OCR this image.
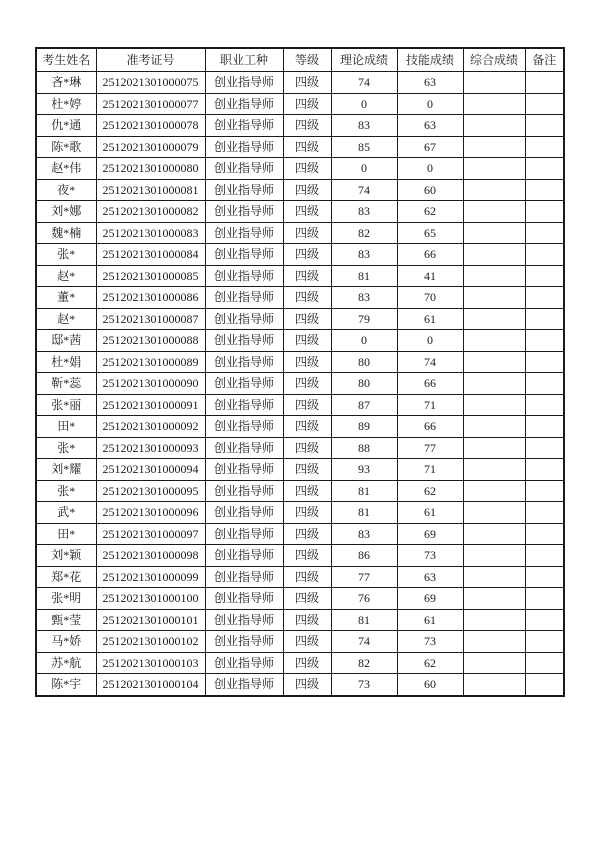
考生姓名	准考证号	职业工种	等级	理论成绩	技能成绩	综合成绩	备注
吝*琳	2512021301000075	创业指导师	四级	74	63		
杜*婷	2512021301000077	创业指导师	四级	0	0		
仇*通	2512021301000078	创业指导师	四级	83	63		
陈*歌	2512021301000079	创业指导师	四级	85	67		
赵*伟	2512021301000080	创业指导师	四级	0	0		
夜*	2512021301000081	创业指导师	四级	74	60		
刘*娜	2512021301000082	创业指导师	四级	83	62		
魏*楠	2512021301000083	创业指导师	四级	82	65		
张*	2512021301000084	创业指导师	四级	83	66		
赵*	2512021301000085	创业指导师	四级	81	41		
董*	2512021301000086	创业指导师	四级	83	70		
赵*	2512021301000087	创业指导师	四级	79	61		
邸*茜	2512021301000088	创业指导师	四级	0	0		
杜*娟	2512021301000089	创业指导师	四级	80	74		
靳*蕊	2512021301000090	创业指导师	四级	80	66		
张*丽	2512021301000091	创业指导师	四级	87	71		
田*	2512021301000092	创业指导师	四级	89	66		
张*	2512021301000093	创业指导师	四级	88	77		
刘*耀	2512021301000094	创业指导师	四级	93	71		
张*	2512021301000095	创业指导师	四级	81	62		
武*	2512021301000096	创业指导师	四级	81	61		
田*	2512021301000097	创业指导师	四级	83	69		
刘*颖	2512021301000098	创业指导师	四级	86	73		
郑*花	2512021301000099	创业指导师	四级	77	63		
张*明	2512021301000100	创业指导师	四级	76	69		
甄*莹	2512021301000101	创业指导师	四级	81	61		
马*娇	2512021301000102	创业指导师	四级	74	73		
苏*航	2512021301000103	创业指导师	四级	82	62		
陈*宇	2512021301000104	创业指导师	四级	73	60		
